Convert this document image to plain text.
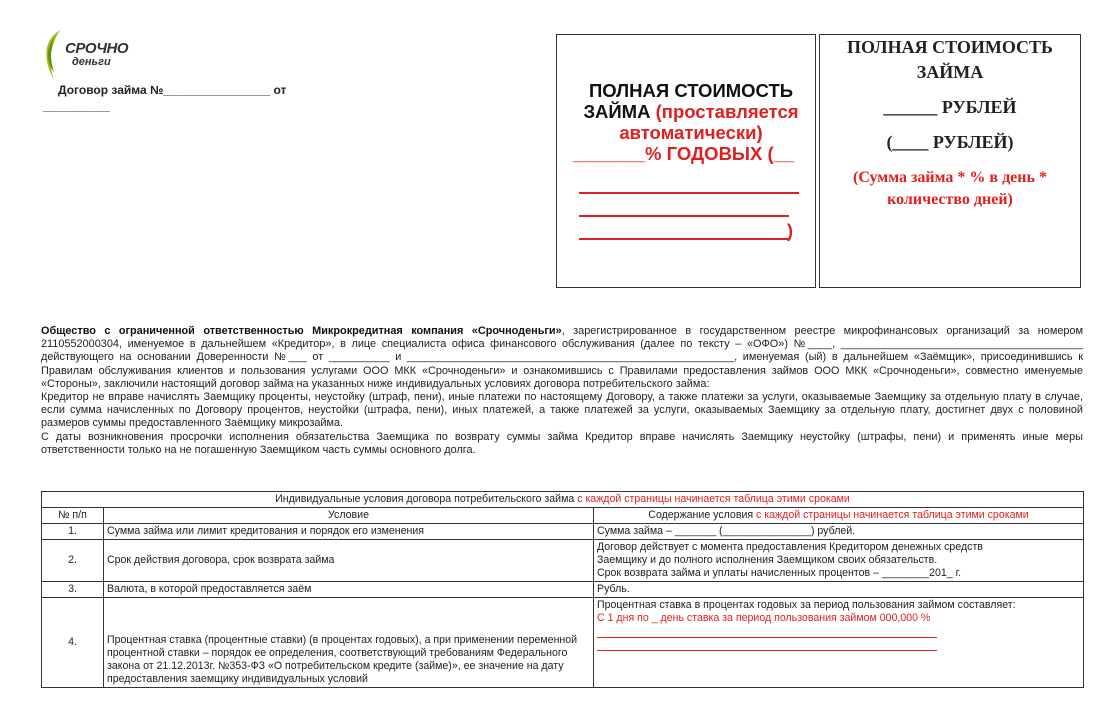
СРОЧНО
деньги
Договор займа №________________ от
__________
ПОЛНАЯ СТОИМОСТЬ
ЗАЙМА (проставляется
автоматически)
_______% ГОДОВЫХ (__
)
ПОЛНАЯ СТОИМОСТЬ
ЗАЙМА
______ РУБЛЕЙ
(____ РУБЛЕЙ)
(Сумма займа * % в день *
количество дней)

Общество с ограниченной ответственностью Микрокредитная компания «Срочноденьги», зарегистрированное в государственном реестре микрофинансовых организаций за номером 2110552000304, именуемое в дальнейшем «Кредитор», в лице специалиста офиса финансового обслуживания (далее по тексту – «ОФО») №____, ________________________________________ действующего на основании Доверенности №___ от __________ и ______________________________________________________, именуемая (ый) в дальнейшем «Заёмщик», присоединившись к Правилам обслуживания клиентов и пользования услугами ООО МКК «Срочноденьги» и ознакомившись с Правилами предоставления займов ООО МКК «Срочноденьги», совместно именуемые «Стороны», заключили настоящий договор займа на указанных ниже индивидуальных условиях договора потребительского займа:

Кредитор не вправе начислять Заемщику проценты, неустойку (штраф, пени), иные платежи по настоящему Договору, а также платежи за услуги, оказываемые Заемщику за отдельную плату в случае, если сумма начисленных по Договору процентов, неустойки (штрафа, пени), иных платежей, а также платежей за услуги, оказываемых Заемщику за отдельную плату, достигнет двух с половиной размеров суммы предоставленного Заёмщику микрозайма.

С даты возникновения просрочки исполнения обязательства Заемщика по возврату суммы займа Кредитор вправе начислять Заемщику неустойку (штрафы, пени) и применять иные меры ответственности только на не погашенную Заемщиком часть суммы основного долга.

Индивидуальные условия договора потребительского займа с каждой страницы начинается таблица этими сроками		
№ п/п	Условие	Содержание условия с каждой страницы начинается таблица этими сроками
1.	Сумма займа или лимит кредитования и порядок его изменения	Сумма займа – _______ (_______________) рублей.

2.	Срок действия договора, срок возврата займа	Договор действует с момента предоставления Кредитором денежных средств
Заемщику и до полного исполнения Заемщиком своих обязательств.
Срок возврата займа и уплаты начисленных процентов – ________201_ г.

3.	Валюта, в которой предоставляется заём	Рубль.

4.	Процентная ставка (процентные ставки) (в процентах годовых), а при применении переменной процентной ставки – порядок ее определения, соответствующий требованиям Федерального закона от 21.12.2013г. №353-ФЗ «О потребительском кредите (займе)», ее значение на дату предоставления заемщику индивидуальных условий	Процентная ставка в процентах годовых за период пользования займом составляет:
С 1 дня по _ день ставка за период пользования займом 000,000 %
